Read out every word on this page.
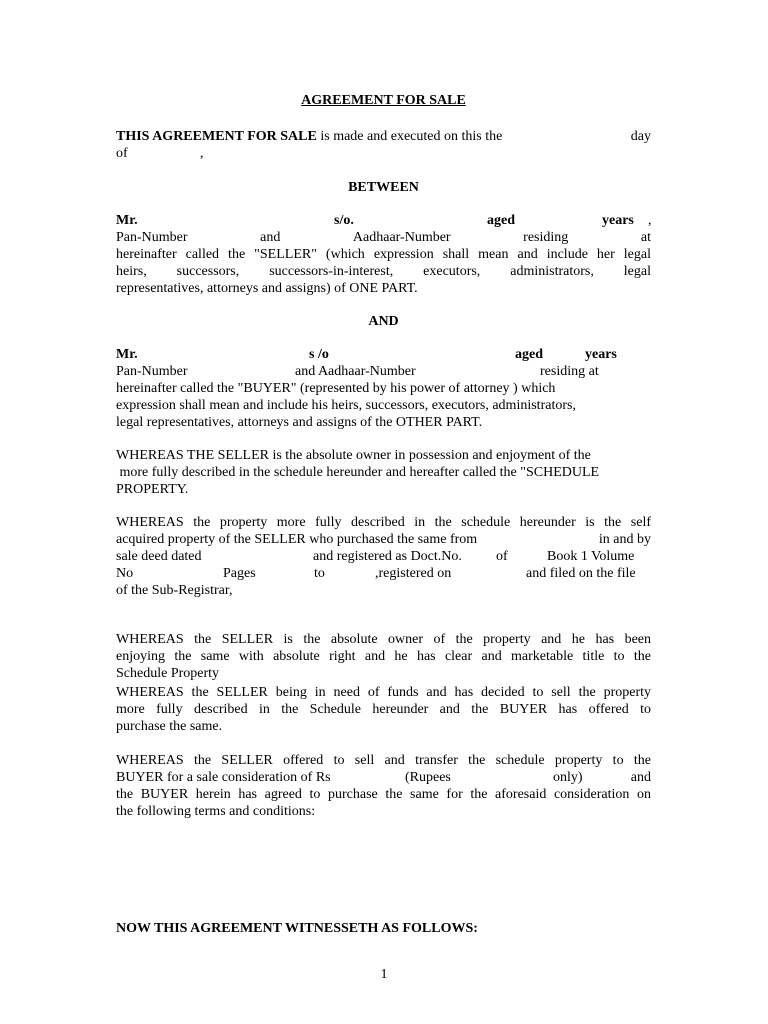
AGREEMENT FOR SALE
THIS AGREEMENT FOR SALE is made and executed on this the	day
of	,
BETWEEN
Mr.	s/o.	aged	years ,
Pan-Number	and	Aadhaar-Number	residing	at
hereinafter called the "SELLER" (which expression shall mean and include her legal
heirs, successors, successors-in-interest, executors, administrators, legal
representatives, attorneys and assigns) of ONE PART.
AND
Mr.	s /o	aged	years
Pan-Number	and Aadhaar-Number	residing at
hereinafter called the "BUYER" (represented by his power of attorney ) which
expression shall mean and include his heirs, successors, executors, administrators,
legal representatives, attorneys and assigns of the OTHER PART.
WHEREAS THE SELLER is the absolute owner in possession and enjoyment of the
more fully described in the schedule hereunder and hereafter called the "SCHEDULE
PROPERTY.
WHEREAS the property more fully described in the schedule hereunder is the self
acquired property of the SELLER who purchased the same from	in and by
sale deed dated	and registered as Doct.No. of	Book 1 Volume
No	Pages	to	,registered on	and filed on the file
of the Sub-Registrar,
WHEREAS the SELLER is the absolute owner of the property and he has been
enjoying the same with absolute right and he has clear and marketable title to the
Schedule Property
WHEREAS the SELLER being in need of funds and has decided to sell the property
more fully described in the Schedule hereunder and the BUYER has offered to
purchase the same.
WHEREAS the SELLER offered to sell and transfer the schedule property to the
BUYER for a sale consideration of Rs	(Rupees	only)	and
the BUYER herein has agreed to purchase the same for the aforesaid consideration on
the following terms and conditions:
NOW THIS AGREEMENT WITNESSETH AS FOLLOWS:
1
